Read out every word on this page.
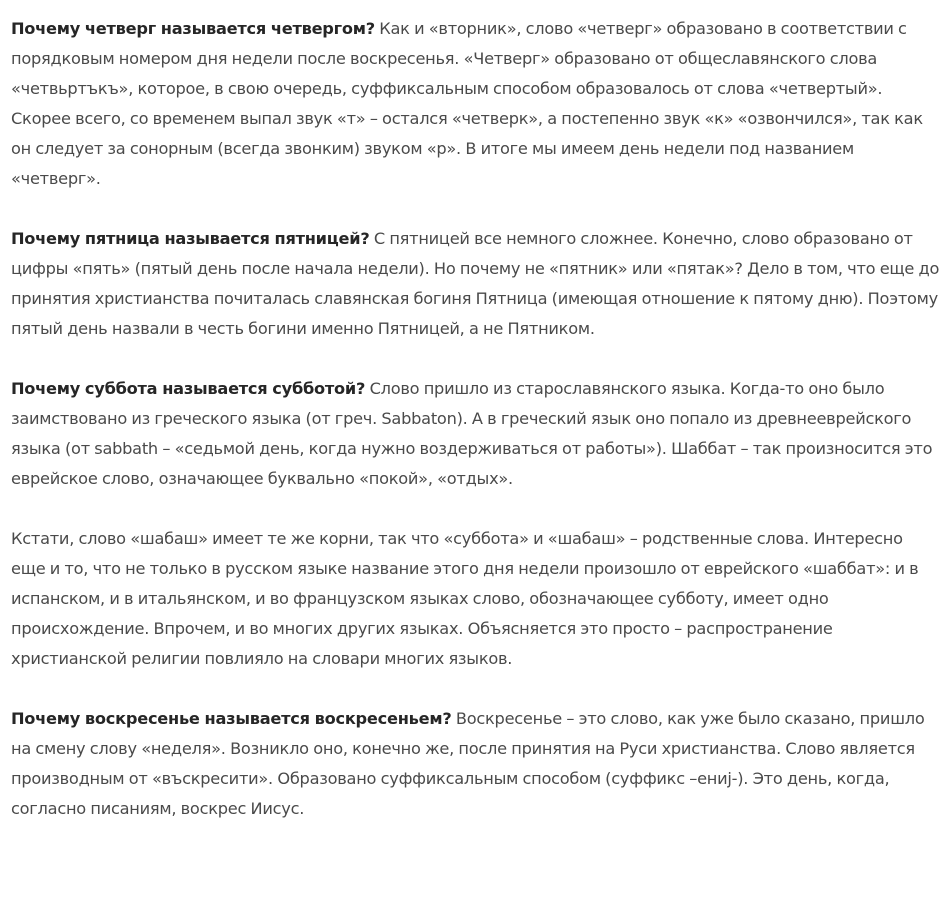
Почему четверг называется четвергом? Как и «вторник», слово «четверг» образовано в соответствии с порядковым номером дня недели после воскресенья. «Четверг» образовано от общеславянского слова «четвьртъкъ», которое, в свою очередь, суффиксальным способом образовалось от слова «четвертый». Скорее всего, со временем выпал звук «т» – остался «четверк», а постепенно звук «к» «озвончился», так как он следует за сонорным (всегда звонким) звуком «р». В итоге мы имеем день недели под названием «четверг».

Почему пятница называется пятницей? С пятницей все немного сложнее. Конечно, слово образовано от цифры «пять» (пятый день после начала недели). Но почему не «пятник» или «пятак»? Дело в том, что еще до принятия христианства почиталась славянская богиня Пятница (имеющая отношение к пятому дню). Поэтому пятый день назвали в честь богини именно Пятницей, а не Пятником.

Почему суббота называется субботой? Слово пришло из старославянского языка. Когда-то оно было заимствовано из греческого языка (от греч. Sabbaton). А в греческий язык оно попало из древнееврейского языка (от sabbath – «седьмой день, когда нужно воздерживаться от работы»). Шаббат – так произносится это еврейское слово, означающее буквально «покой», «отдых».

Кстати, слово «шабаш» имеет те же корни, так что «суббота» и «шабаш» – родственные слова. Интересно еще и то, что не только в русском языке название этого дня недели произошло от еврейского «шаббат»: и в испанском, и в итальянском, и во французском языках слово, обозначающее субботу, имеет одно происхождение. Впрочем, и во многих других языках. Объясняется это просто – распространение христианской религии повлияло на словари многих языков.

Почему воскресенье называется воскресеньем? Воскресенье – это слово, как уже было сказано, пришло на смену слову «неделя». Возникло оно, конечно же, после принятия на Руси христианства. Слово является производным от «въскресити». Образовано суффиксальным способом (суффикс –ениj-). Это день, когда, согласно писаниям, воскрес Иисус.
